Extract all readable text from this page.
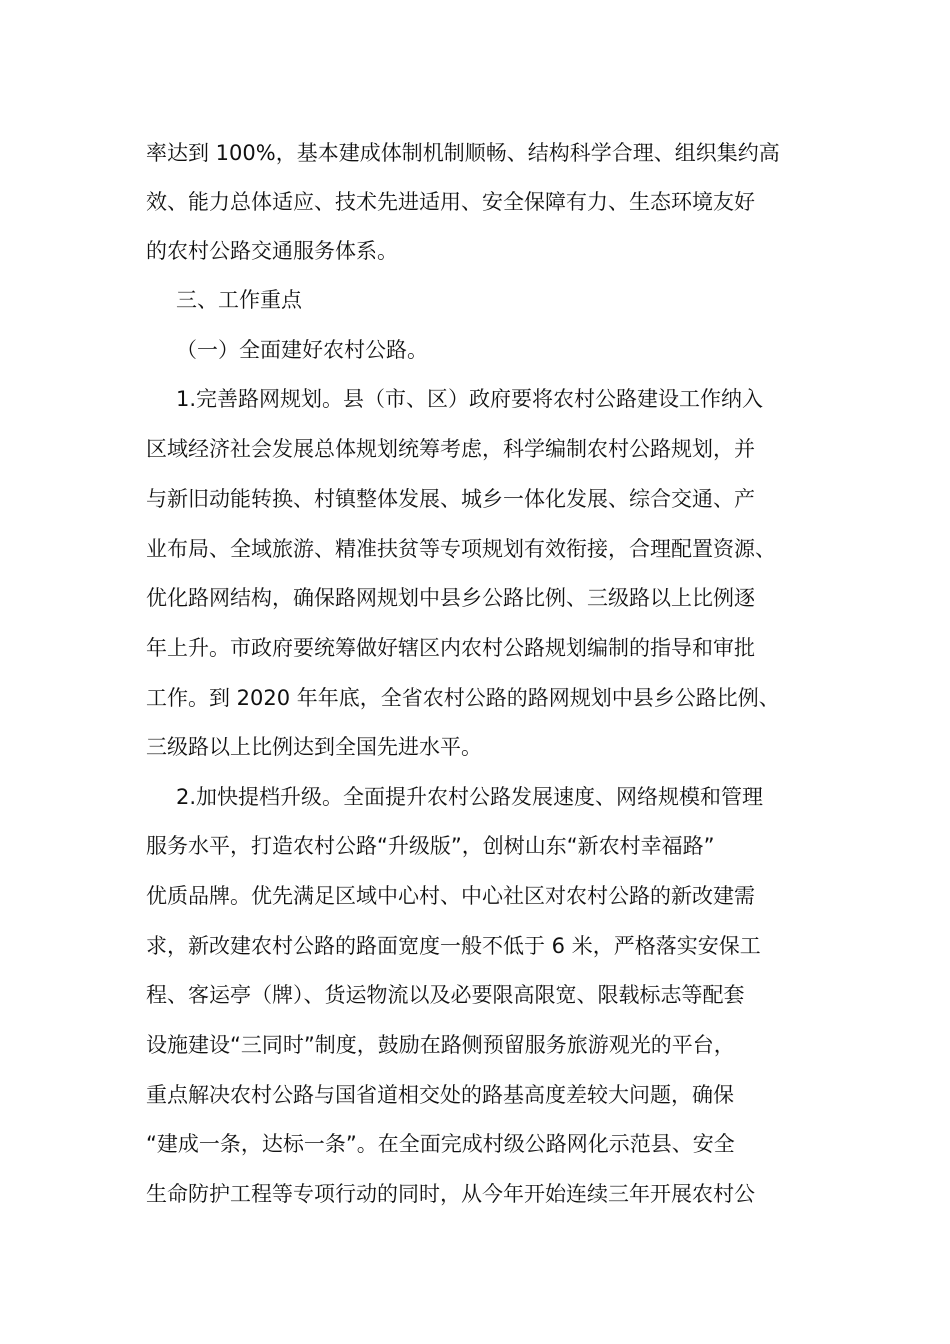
率达到 100%，基本建成体制机制顺畅、结构科学合理、组织集约高
效、能力总体适应、技术先进适用、安全保障有力、生态环境友好
的农村公路交通服务体系。
三、工作重点
（一）全面建好农村公路。
1.完善路网规划。县（市、区）政府要将农村公路建设工作纳入
区域经济社会发展总体规划统筹考虑，科学编制农村公路规划，并
与新旧动能转换、村镇整体发展、城乡一体化发展、综合交通、产
业布局、全域旅游、精准扶贫等专项规划有效衔接，合理配置资源、
优化路网结构，确保路网规划中县乡公路比例、三级路以上比例逐
年上升。市政府要统筹做好辖区内农村公路规划编制的指导和审批
工作。到 2020 年年底，全省农村公路的路网规划中县乡公路比例、
三级路以上比例达到全国先进水平。
2.加快提档升级。全面提升农村公路发展速度、网络规模和管理
服务水平，打造农村公路“升级版”，创树山东“新农村幸福路”
优质品牌。优先满足区域中心村、中心社区对农村公路的新改建需
求，新改建农村公路的路面宽度一般不低于 6 米，严格落实安保工
程、客运亭（牌）、货运物流以及必要限高限宽、限载标志等配套
设施建设“三同时”制度，鼓励在路侧预留服务旅游观光的平台，
重点解决农村公路与国省道相交处的路基高度差较大问题，确保
“建成一条，达标一条”。在全面完成村级公路网化示范县、安全
生命防护工程等专项行动的同时，从今年开始连续三年开展农村公
